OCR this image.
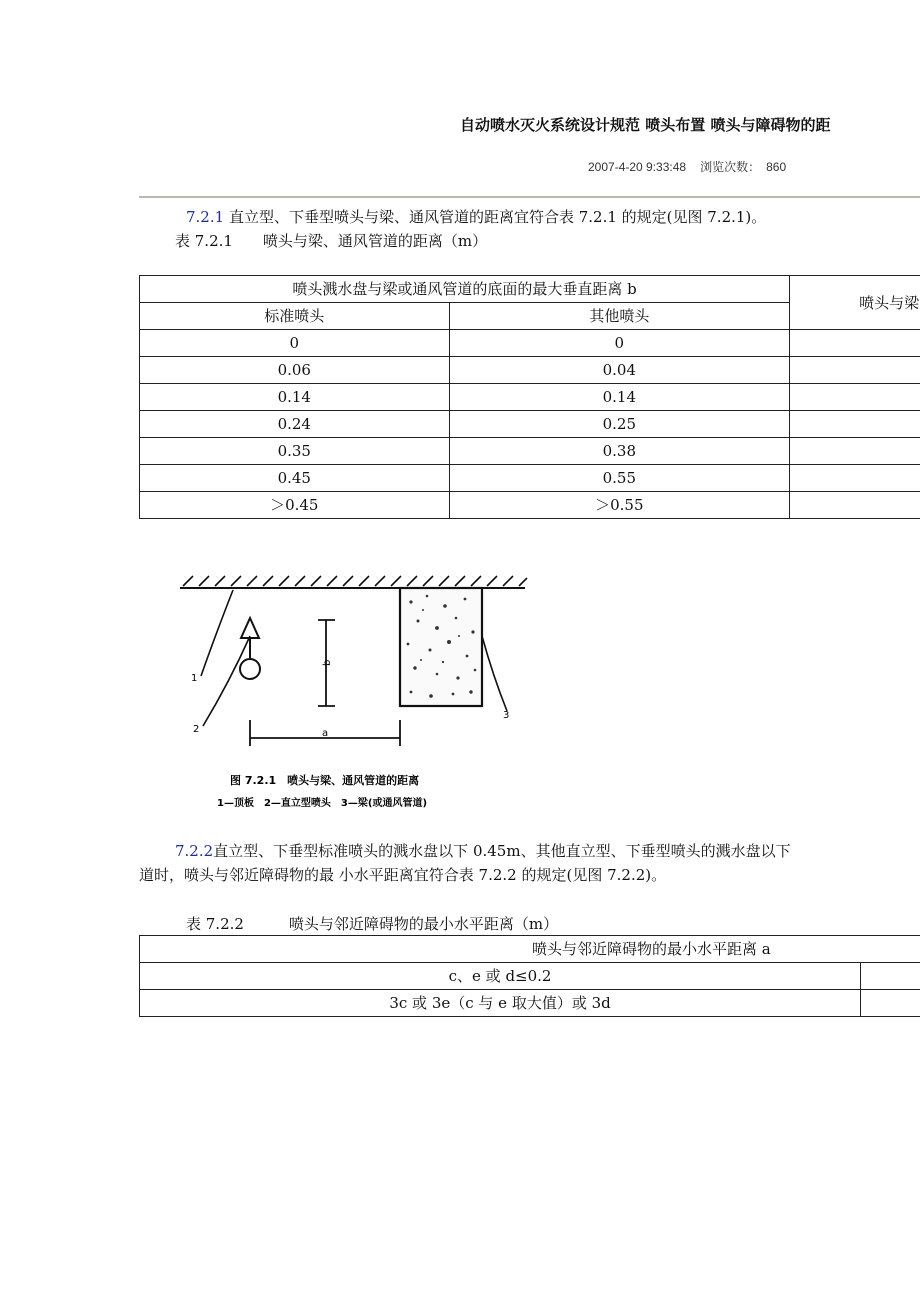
自动喷水灭火系统设计规范 喷头布置 喷头与障碍物的距
2007-4-20 9:33:48 浏览次数： 860
7.2.1 直立型、下垂型喷头与梁、通风管道的距离宜符合表 7.2.1 的规定(见图 7.2.1)。
表 7.2.1　　喷头与梁、通风管道的距离（m）
喷头溅水盘与梁或通风管道的底面的最大垂直距离 b		喷头与梁
标准喷头	其他喷头	
0	0	
0.06	0.04	
0.14	0.14	
0.24	0.25	
0.35	0.38	
0.45	0.55	
＞0.45	＞0.55	
1
2
3
a
b
图 7.2.1　喷头与梁、通风管道的距离
1—顶板　2—直立型喷头　3—梁(或通风管道)
7.2.2直立型、下垂型标准喷头的溅水盘以下 0.45m、其他直立型、下垂型喷头的溅水盘以下
道时，喷头与邻近障碍物的最 小水平距离宜符合表 7.2.2 的规定(见图 7.2.2)。
表 7.2.2　　　喷头与邻近障碍物的最小水平距离（m）
喷头与邻近障碍物的最小水平距离 a	
c、e 或 d≤0.2	
3c 或 3e（c 与 e 取大值）或 3d	
